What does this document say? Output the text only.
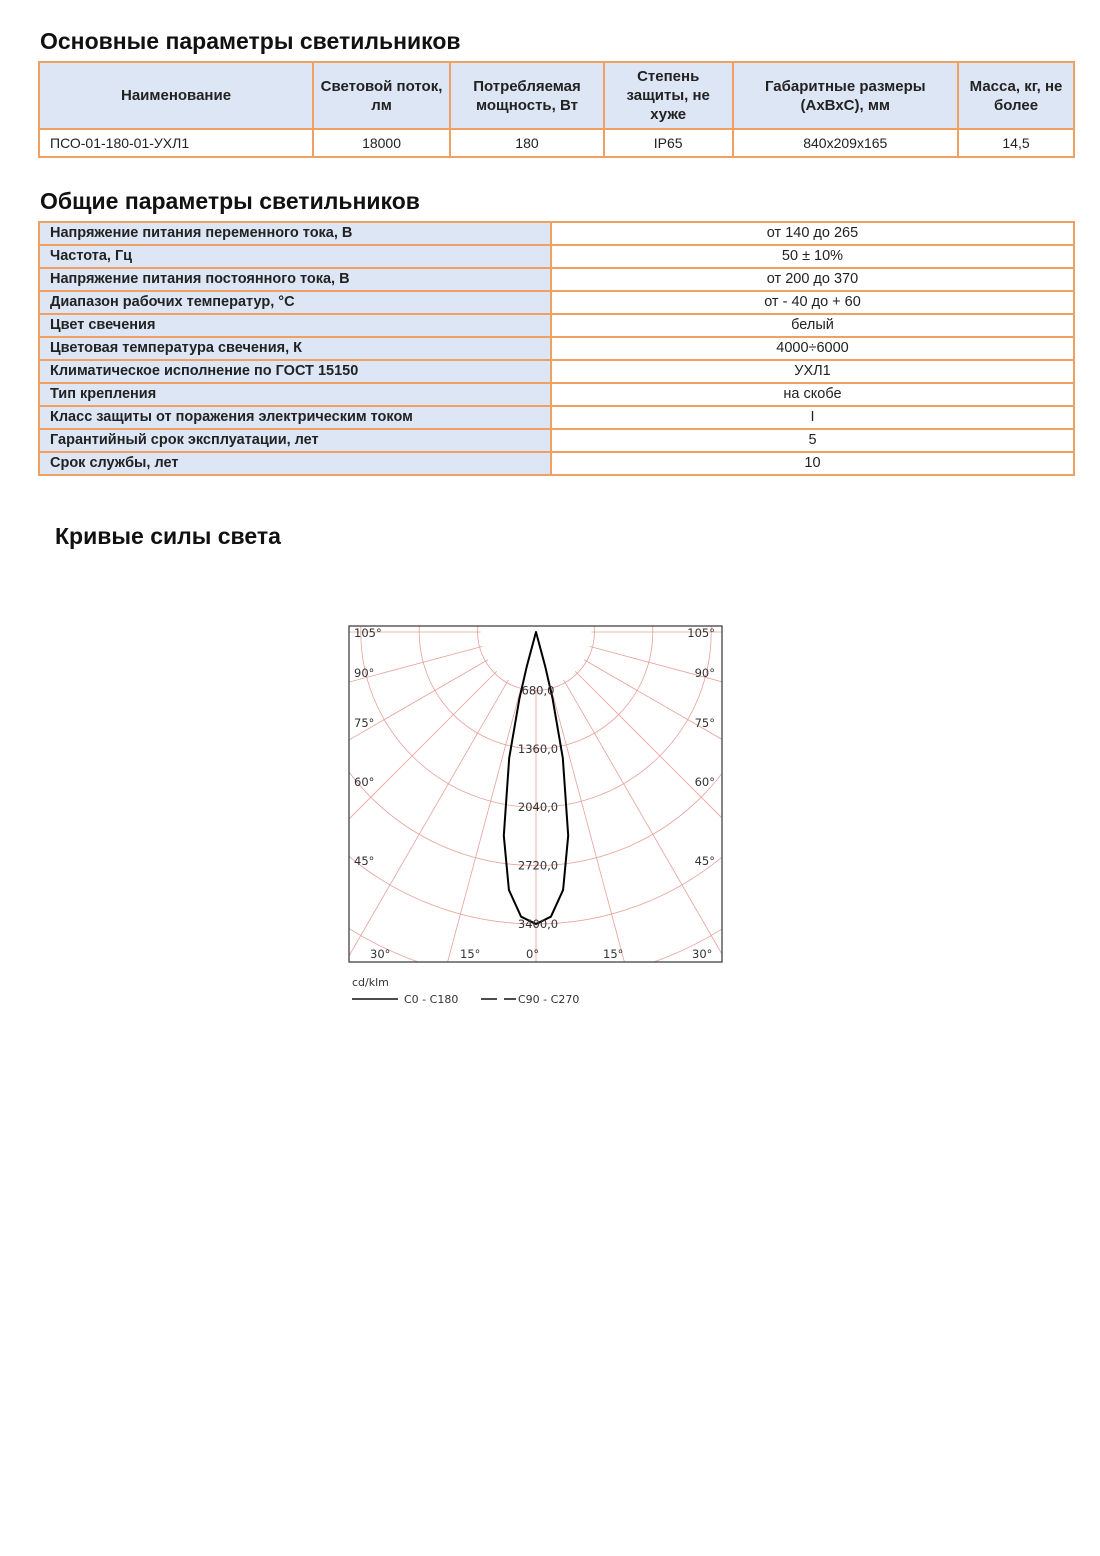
Основные параметры светильников
Наименование	Световой поток, лм	Потребляемая мощность, Вт	Степень защиты, не хуже	Габаритные размеры (АхВхС), мм	Масса, кг, не более
ПСО-01-180-01-УХЛ1	18000	180	IP65	840х209х165	14,5
Общие параметры светильников
Напряжение питания переменного тока, В	от 140 до 265
Частота, Гц	50 ± 10%
Напряжение питания постоянного тока, В	от 200 до 370
Диапазон рабочих температур, °С	от - 40 до + 60
Цвет свечения	белый
Цветовая температура свечения, К	4000÷6000
Климатическое исполнение по ГОСТ 15150	УХЛ1
Тип крепления	на скобе
Класс защиты от поражения электрическим током	I
Гарантийный срок эксплуатации, лет	5
Срок службы, лет	10
Кривые силы света
680,0
1360,0
2040,0
2720,0
3400,0
105°
90°
75°
60°
45°
105°
90°
75°
60°
45°
30°	15°	0°	15°	30°
cd/klm
C0 - C180	C90 - C270
